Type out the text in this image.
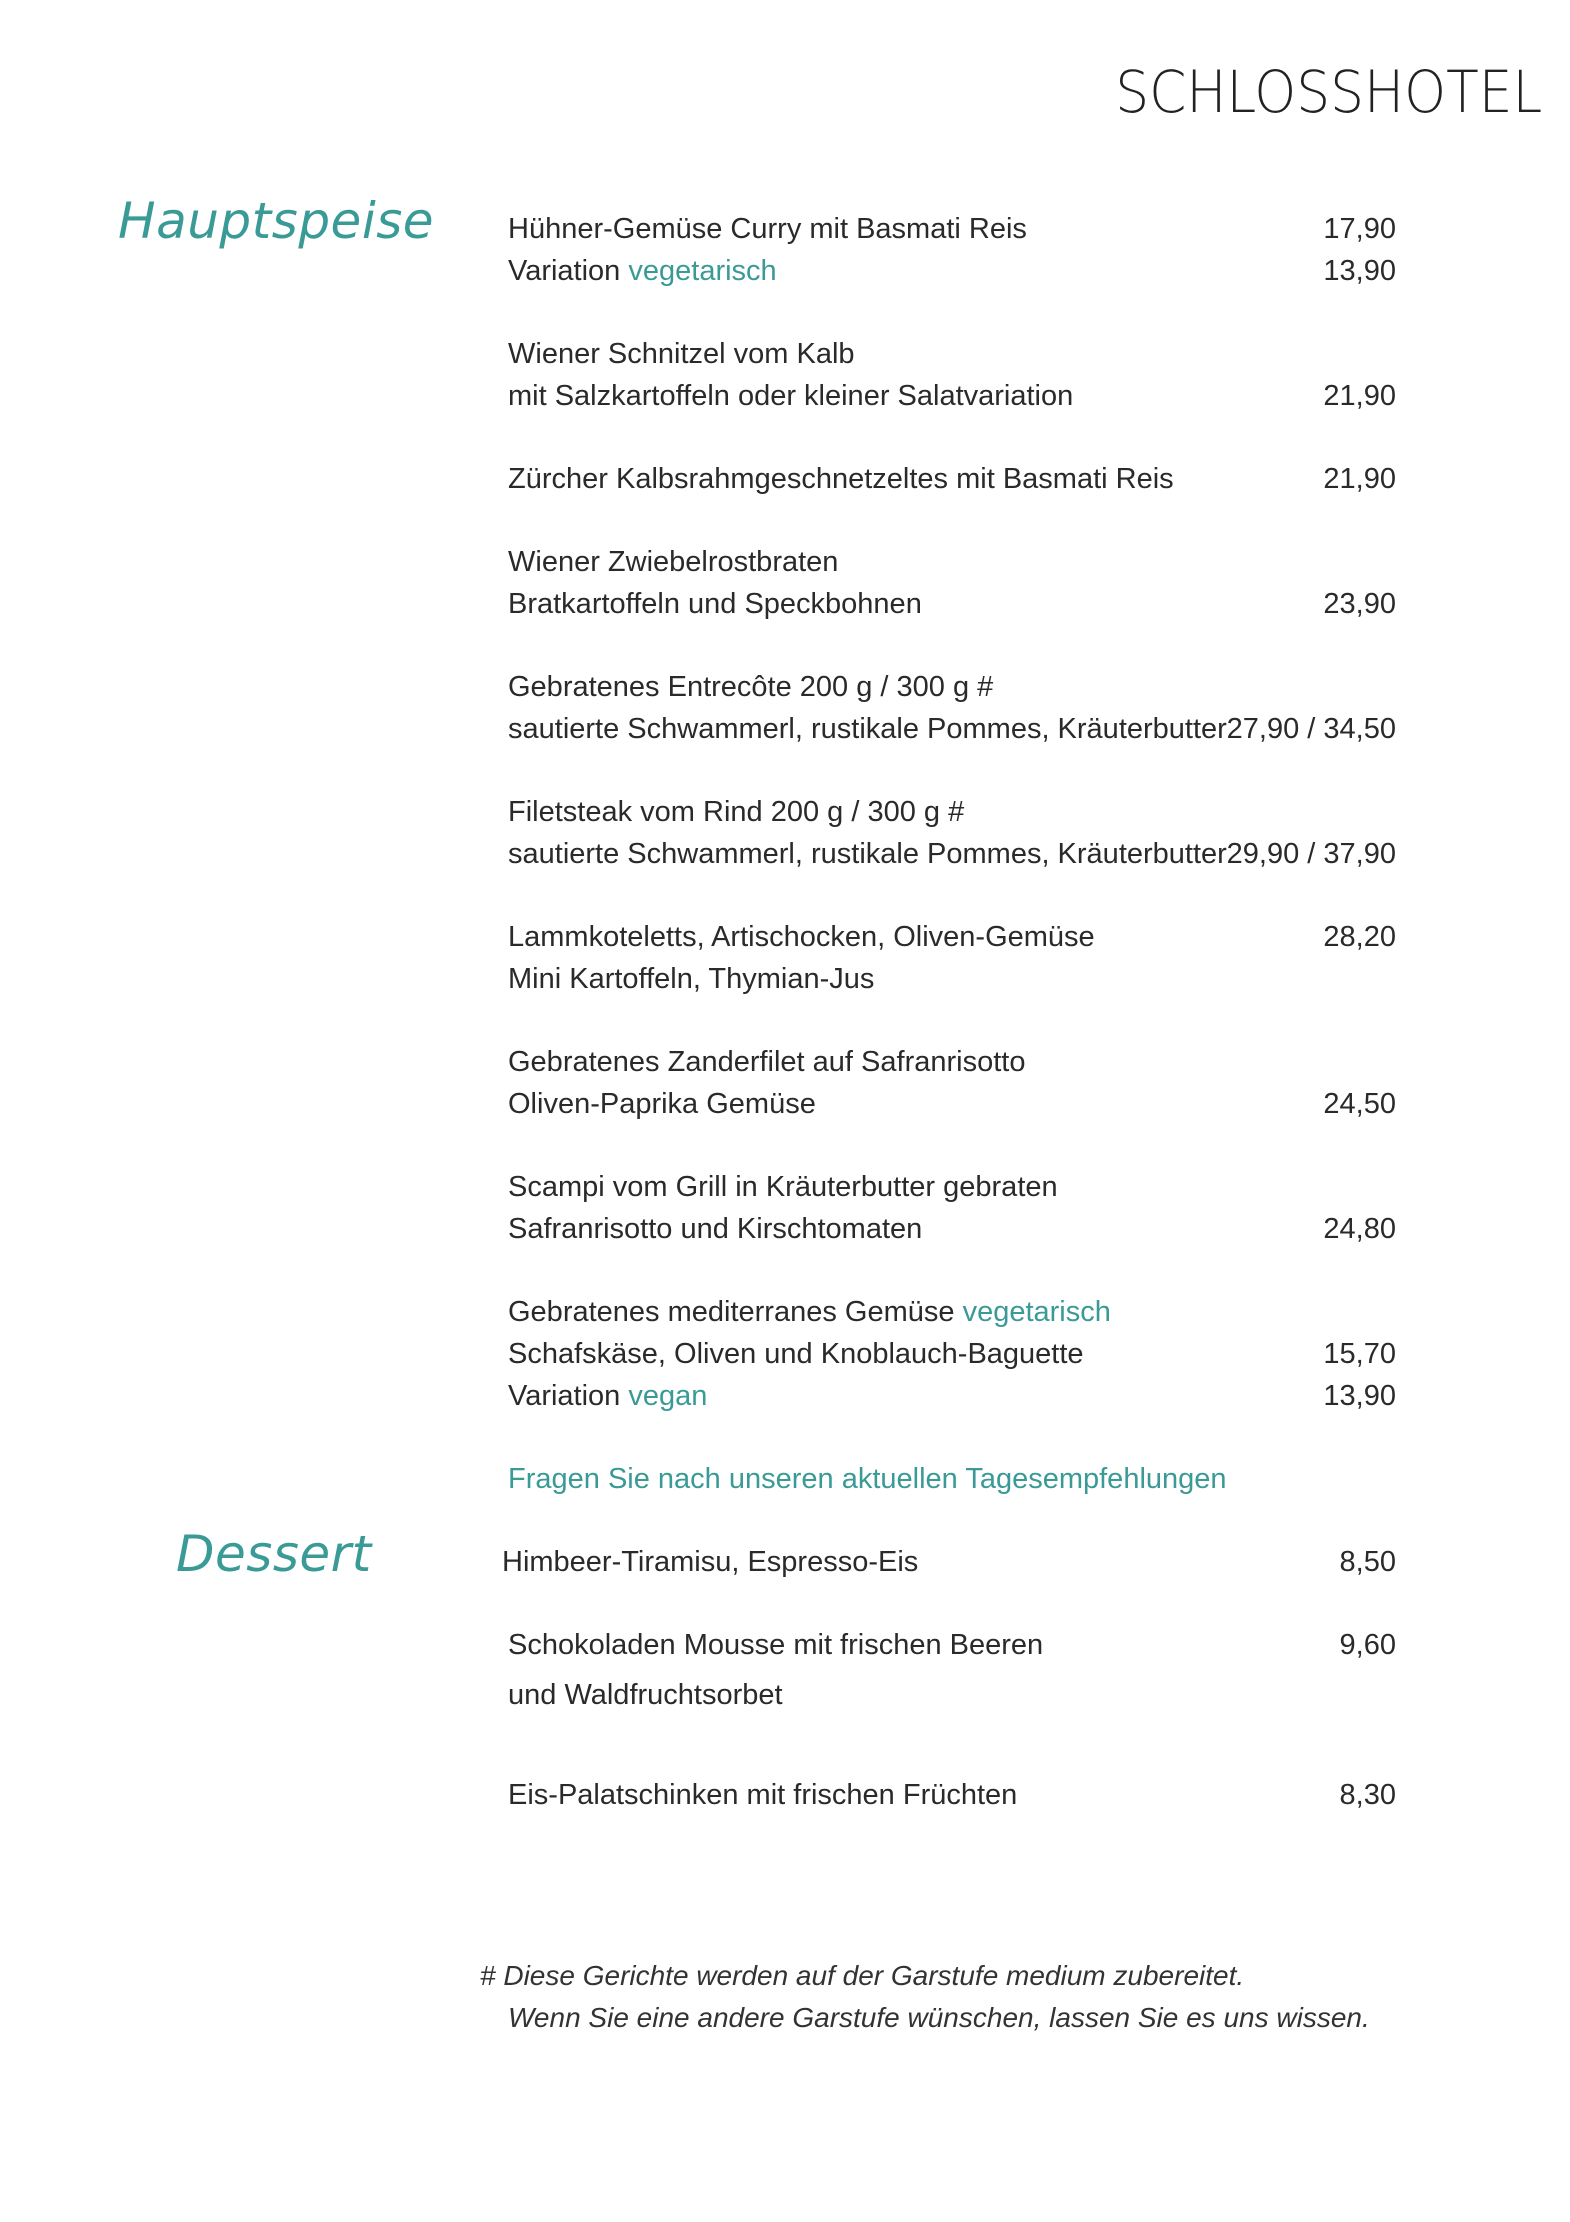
SCHLOSSHOTEL
Hauptspeise	Hühner-Gemüse Curry mit Basmati Reis	17,90
Variation vegetarisch	13,90
Wiener Schnitzel vom Kalb
mit Salzkartoffeln oder kleiner Salatvariation	21,90
Zürcher Kalbsrahmgeschnetzeltes mit Basmati Reis	21,90
Wiener Zwiebelrostbraten
Bratkartoffeln und Speckbohnen	23,90
Gebratenes Entrecôte 200 g / 300 g #
sautierte Schwammerl, rustikale Pommes, Kräuterbutter 27,90 / 34,50
Filetsteak vom Rind 200 g / 300 g #
sautierte Schwammerl, rustikale Pommes, Kräuterbutter 29,90 / 37,90
Lammkoteletts, Artischocken, Oliven-Gemüse	28,20
Mini Kartoffeln, Thymian-Jus
Gebratenes Zanderfilet auf Safranrisotto
Oliven-Paprika Gemüse	24,50
Scampi vom Grill in Kräuterbutter gebraten
Safranrisotto und Kirschtomaten	24,80
Gebratenes mediterranes Gemüse vegetarisch
Schafskäse, Oliven und Knoblauch-Baguette	15,70
Variation vegan	13,90
Fragen Sie nach unseren aktuellen Tagesempfehlungen
Dessert	Himbeer-Tiramisu, Espresso-Eis	8,50
Schokoladen Mousse mit frischen Beeren	9,60
und Waldfruchtsorbet
Eis-Palatschinken mit frischen Früchten	8,30
# Diese Gerichte werden auf der Garstufe medium zubereitet.
Wenn Sie eine andere Garstufe wünschen, lassen Sie es uns wissen.
